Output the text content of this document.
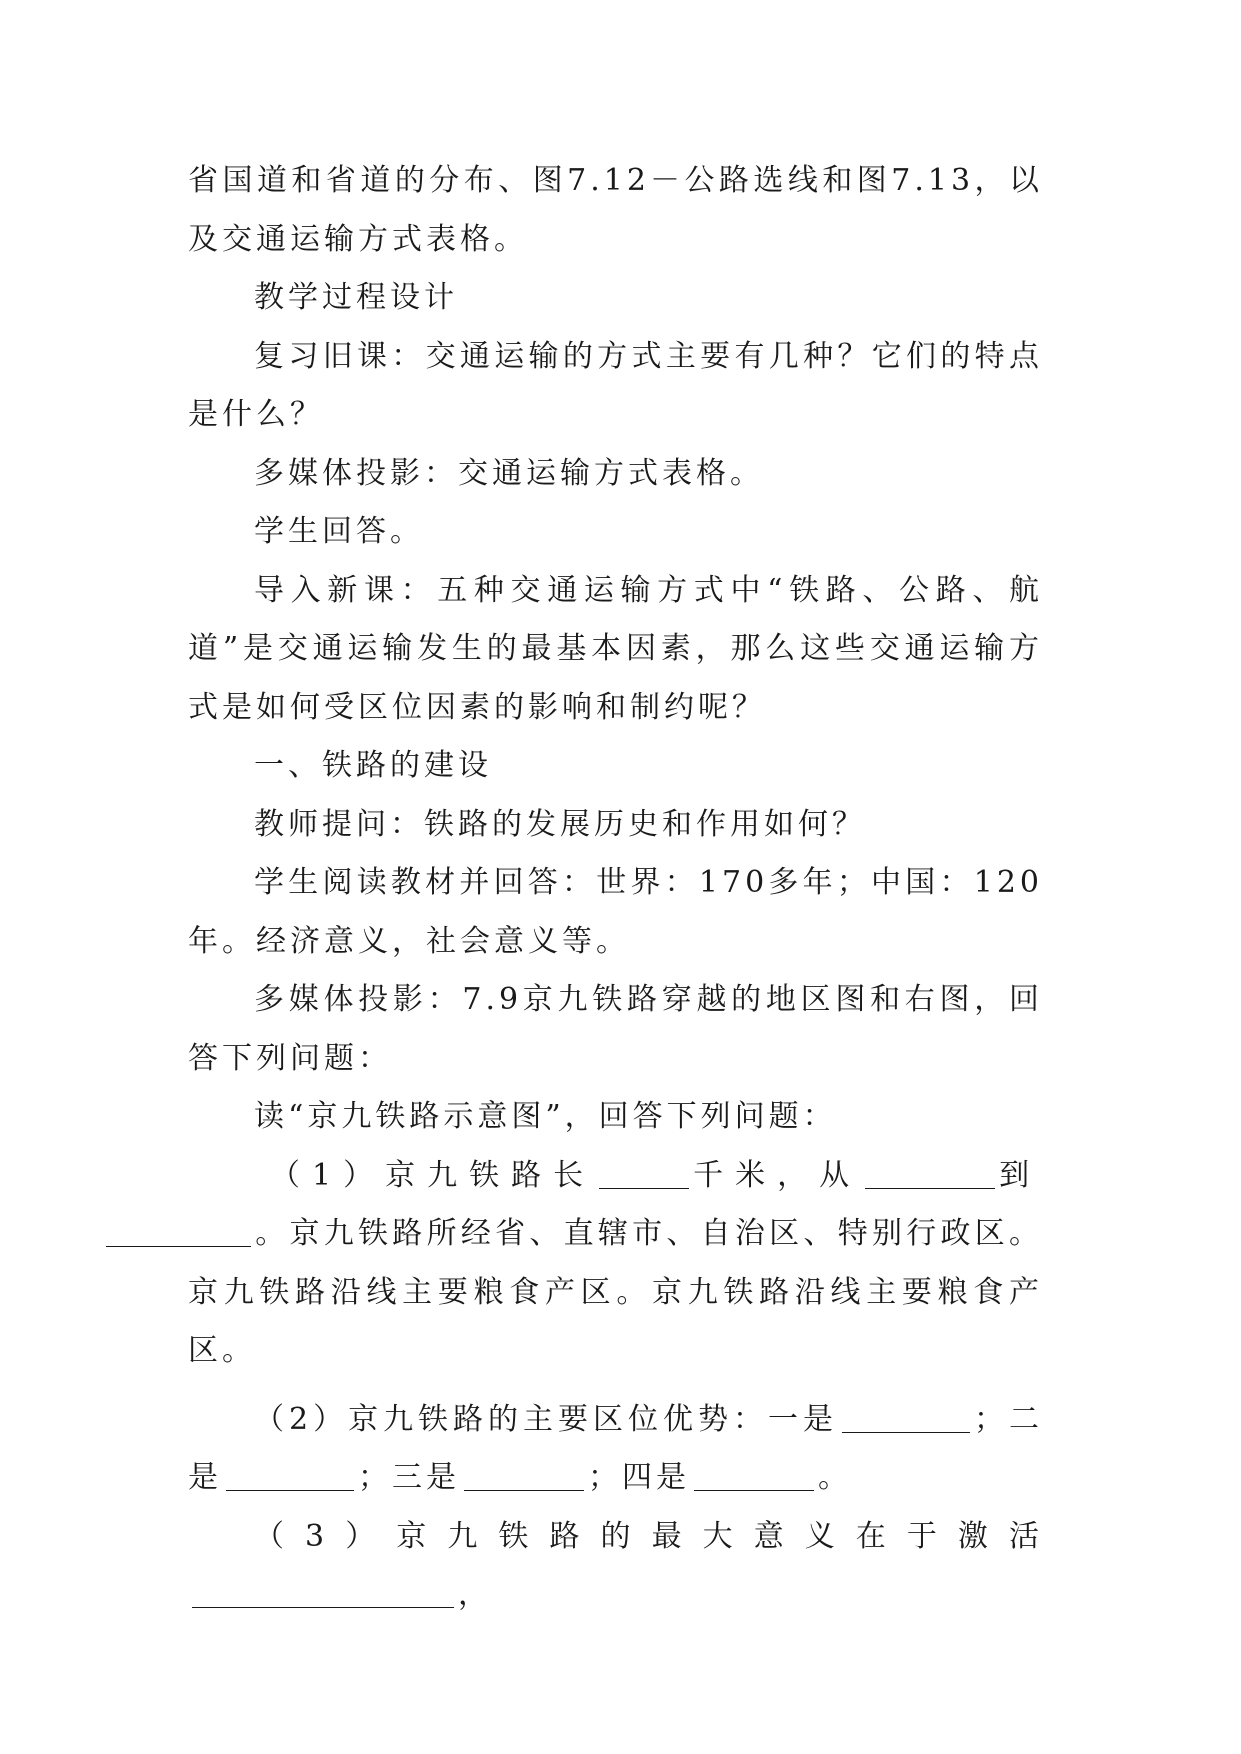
省国道和省道的分布、图7.12－公路选线和图7.13，以及交通运输方式表格。

教学过程设计

复习旧课：交通运输的方式主要有几种？它们的特点是什么？

多媒体投影：交通运输方式表格。

学生回答。

导入新课：五种交通运输方式中“铁路、公路、航道”是交通运输发生的最基本因素，那么这些交通运输方式是如何受区位因素的影响和制约呢？

一、铁路的建设

教师提问：铁路的发展历史和作用如何？

学生阅读教材并回答：世界：170多年；中国：120年。经济意义，社会意义等。

多媒体投影：7.9京九铁路穿越的地区图和右图，回答下列问题：

读“京九铁路示意图”，回答下列问题：

（1）京九铁路长	千米，从	到
。京九铁路所经省、直辖市、自治区、特别行政区。京九铁路沿线主要粮食产区。京九铁路沿线主要粮食产区。

（2）京九铁路的主要区位优势：一是	；二是	；三是	；四是	。

（3）京九铁路的最大意义在于激活，
